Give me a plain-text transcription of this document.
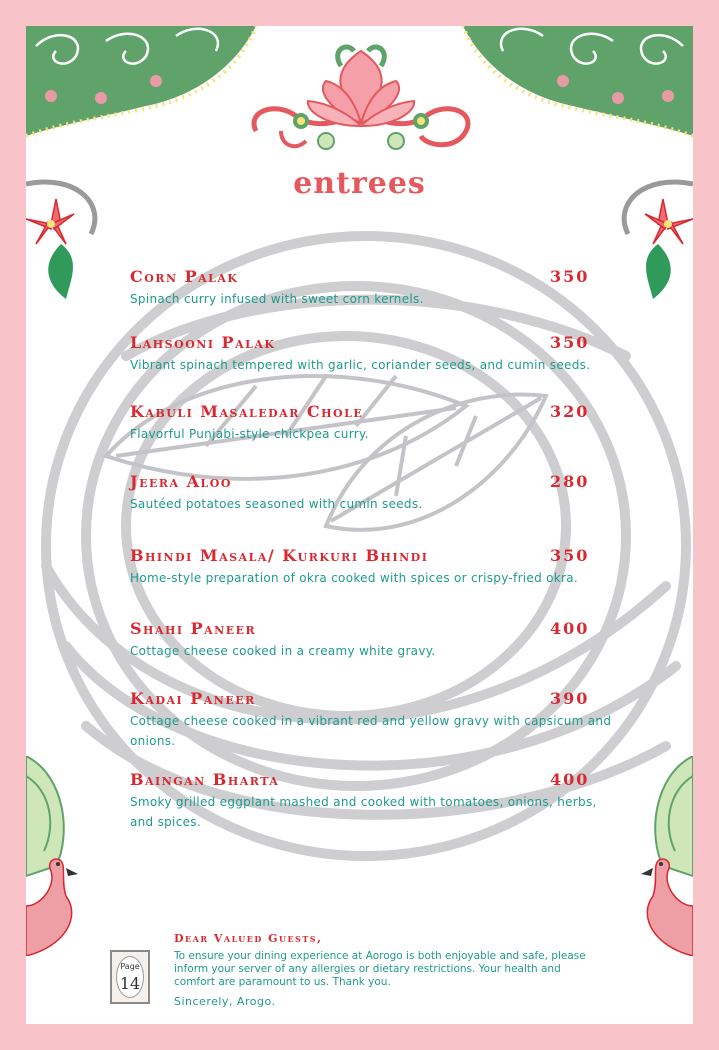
entrees
Corn Palak	350
Spinach curry infused with sweet corn kernels.
Lahsooni Palak	350
Vibrant spinach tempered with garlic, coriander seeds, and cumin seeds.
Kabuli Masaledar Chole	320
Flavorful Punjabi-style chickpea curry.
Jeera Aloo	280
Sautéed potatoes seasoned with cumin seeds.
Bhindi Masala/ Kurkuri Bhindi	350
Home-style preparation of okra cooked with spices or crispy-fried okra.
Shahi Paneer	400
Cottage cheese cooked in a creamy white gravy.
Kadai Paneer	390
Cottage cheese cooked in a vibrant red and yellow gravy with capsicum and onions.
Baingan Bharta	400
Smoky grilled eggplant mashed and cooked with tomatoes, onions, herbs, and spices.
Page
14
Dear Valued Guests,
To ensure your dining experience at Aorogo is both enjoyable and safe, please inform your server of any allergies or dietary restrictions. Your health and comfort are paramount to us. Thank you.
Sincerely, Arogo.
